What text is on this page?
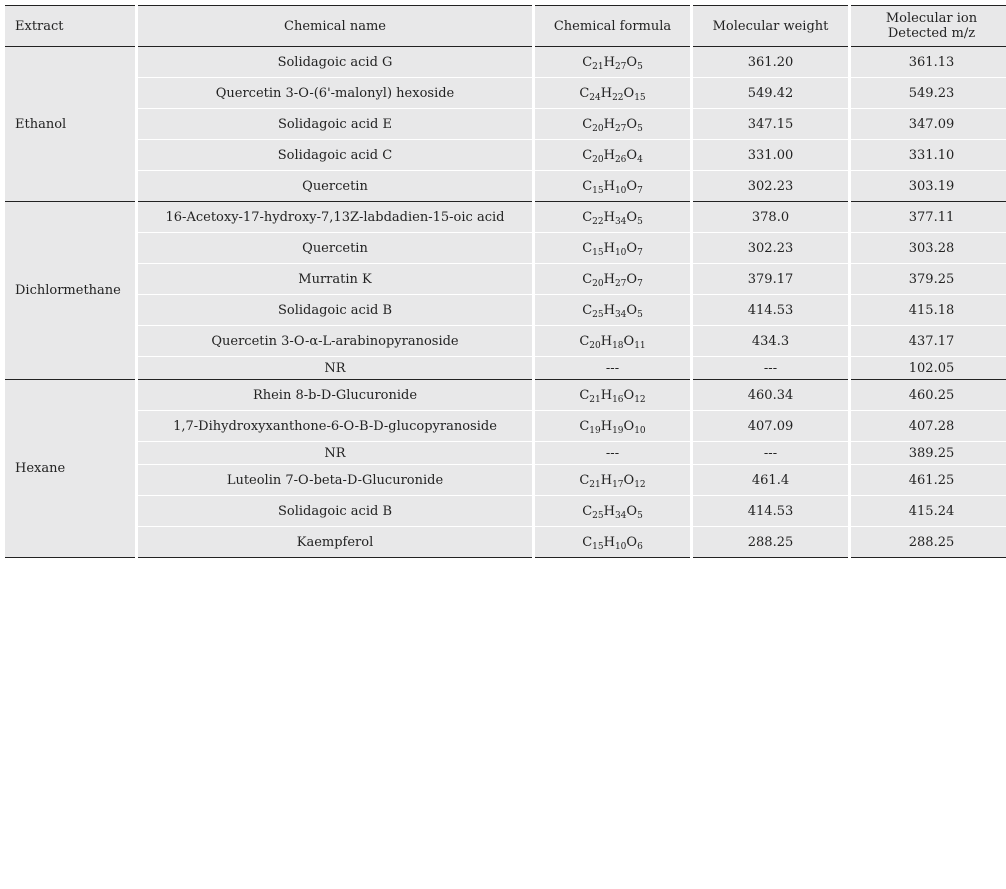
Extract	Chemical name	Chemical formula	Molecular weight	Molecular ion
Detected m/z

Ethanol	Solidagoic acid G	$C_{21}H_{27}O_5$	361.20	361.13
	Quercetin 3-O-(6'-malonyl) hexoside	$C_{24}H_{22}O_{15}$	549.42	549.23
	Solidagoic acid E	$C_{20}H_{27}O_5$	347.15	347.09
	Solidagoic acid C	$C_{20}H_{26}O_4$	331.00	331.10
	Quercetin	$C_{15}H_{10}O_7$	302.23	303.19
Dichlormethane	16-Acetoxy-17-hydroxy-7,13Z-labdadien-15-oic acid	$C_{22}H_{34}O_5$	378.0	377.11
	Quercetin	$C_{15}H_{10}O_7$	302.23	303.28
	Murratin K	$C_{20}H_{27}O_7$	379.17	379.25
	Solidagoic acid B	$C_{25}H_{34}O_5$	414.53	415.18
	Quercetin 3-O-α-L-arabinopyranoside	$C_{20}H_{18}O_{11}$	434.3	437.17
	NR	---	---	102.05
Hexane	Rhein 8-b-D-Glucuronide	$C_{21}H_{16}O_{12}$	460.34	460.25
	1,7-Dihydroxyxanthone-6-O-B-D-glucopyranoside	$C_{19}H_{19}O_{10}$	407.09	407.28
	NR	---	---	389.25
	Luteolin 7-O-beta-D-Glucuronide	$C_{21}H_{17}O_{12}$	461.4	461.25
	Solidagoic acid B	$C_{25}H_{34}O_5$	414.53	415.24
	Kaempferol	$C_{15}H_{10}O_6$	288.25	288.25
